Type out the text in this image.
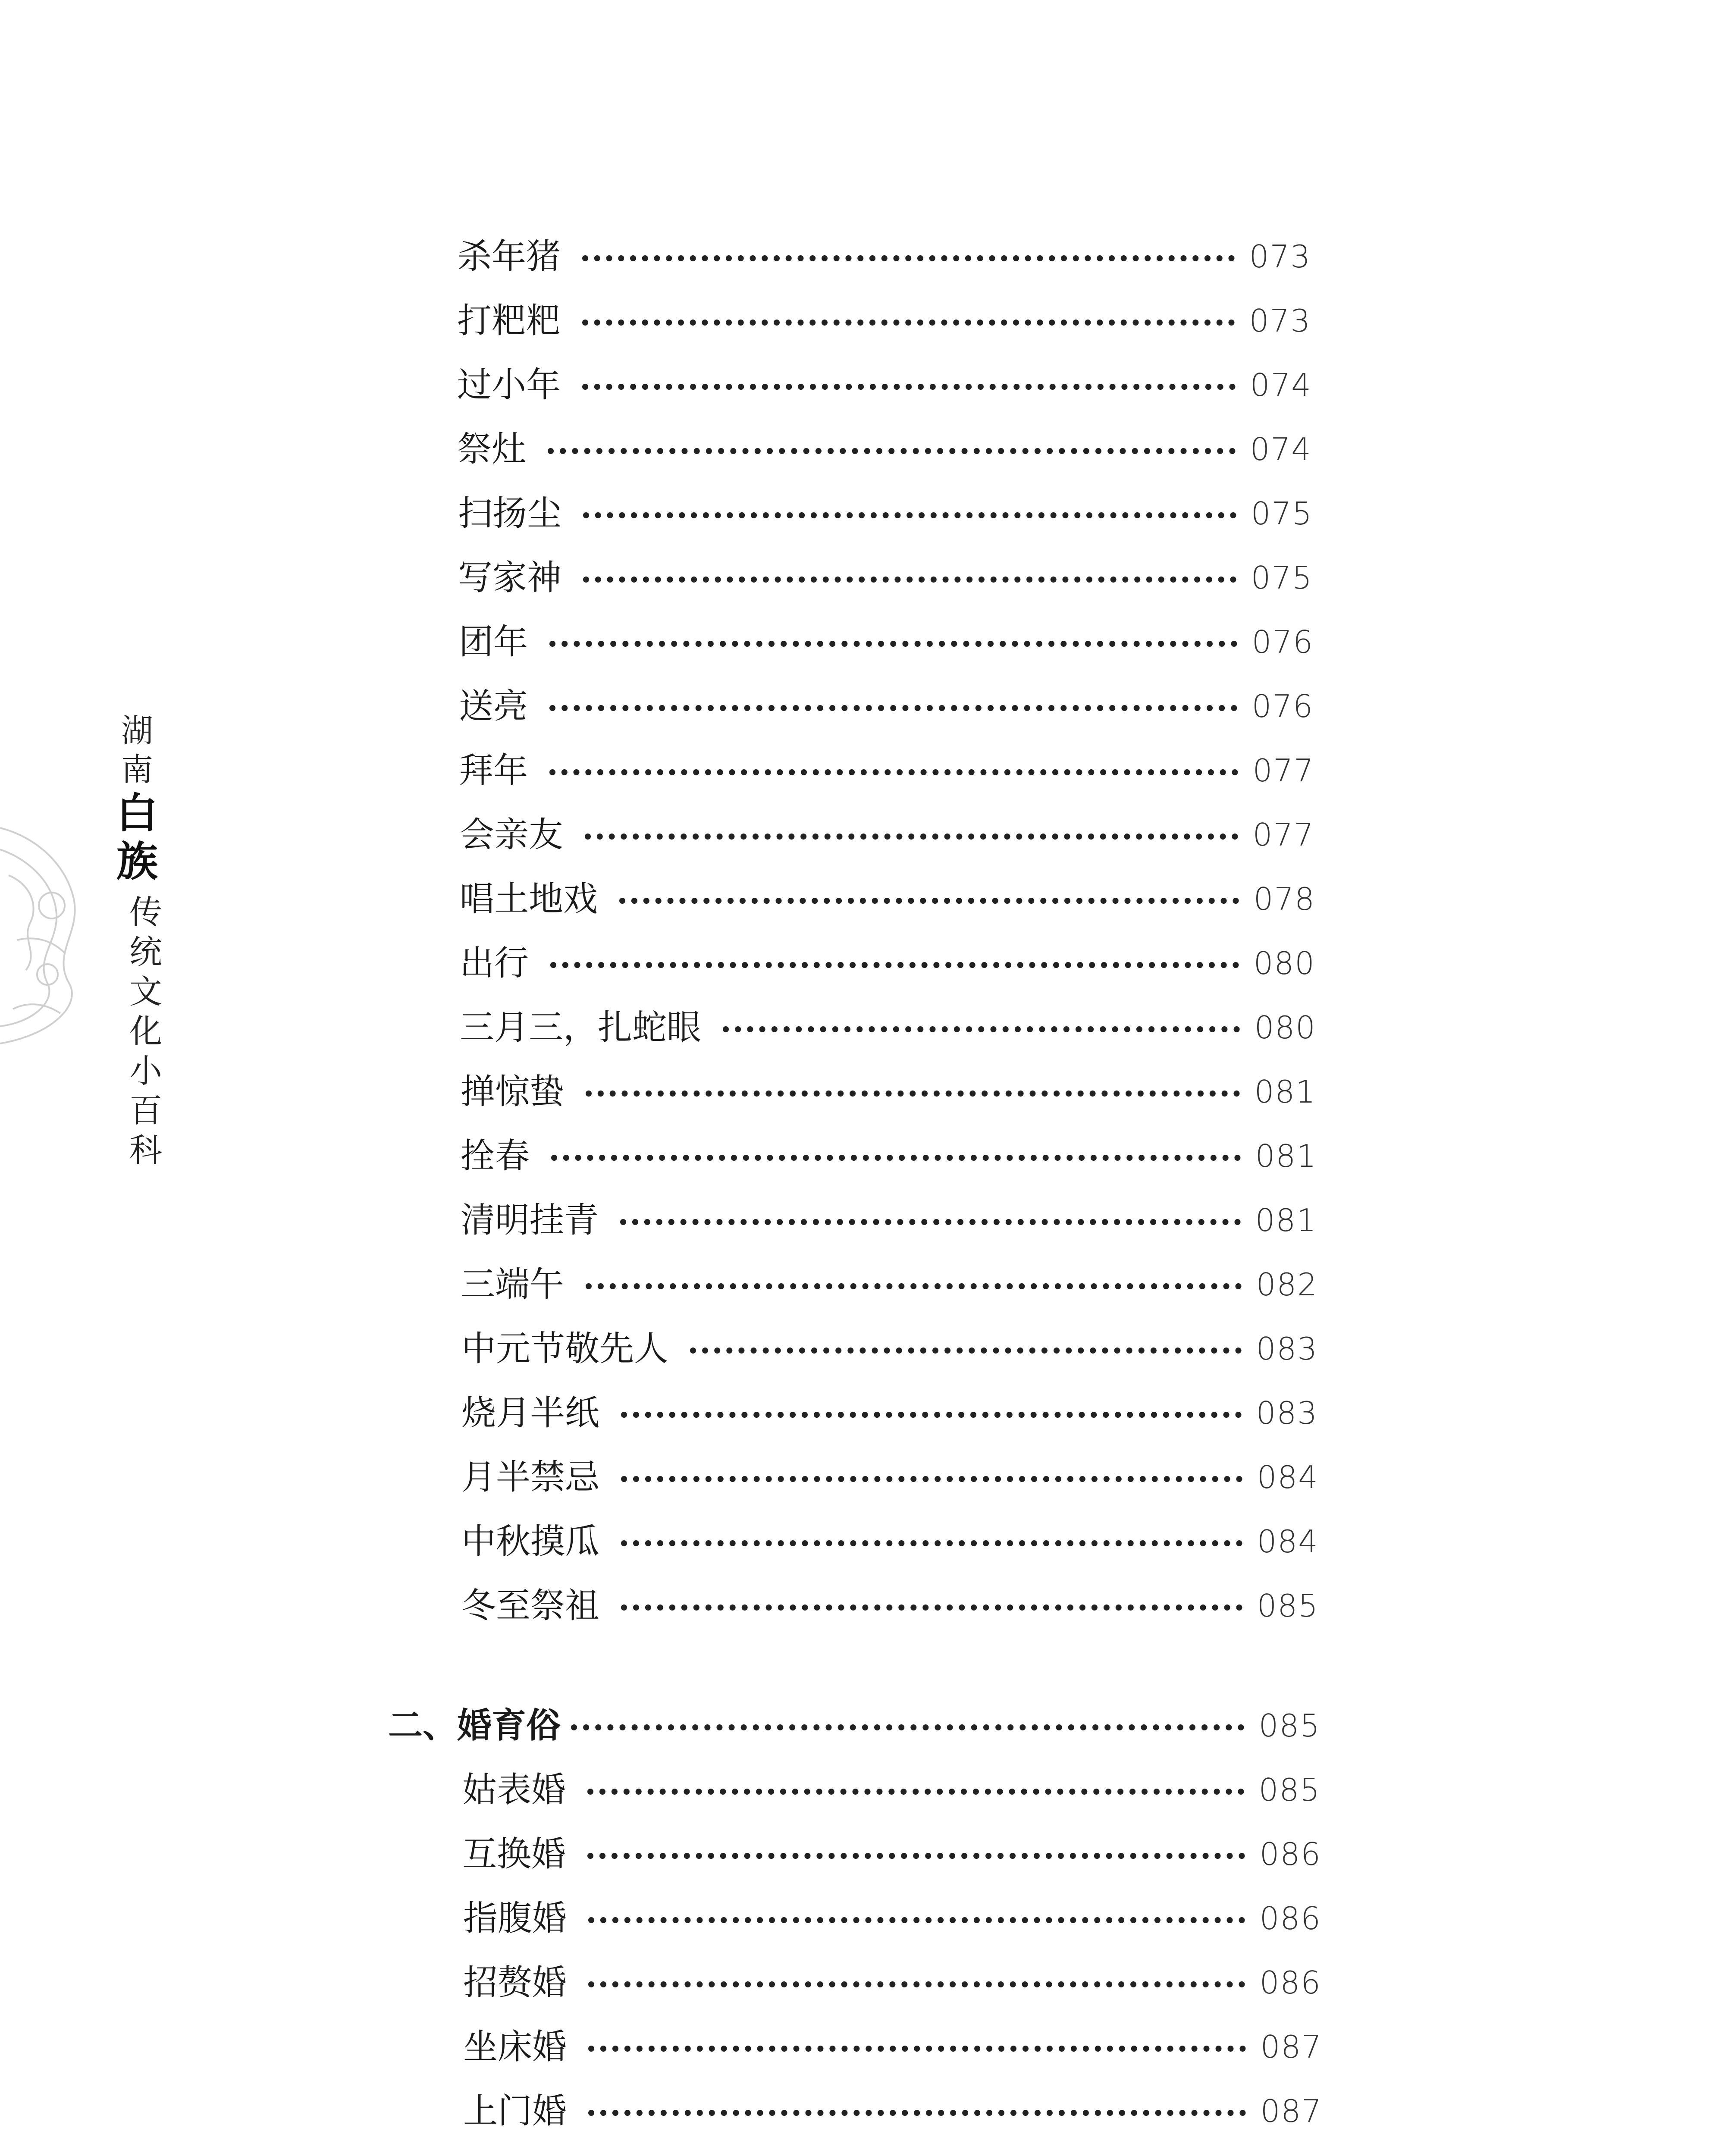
湖
南
白
族
传
统
文
化
小
百
科
杀年猪	073
打粑粑	073
过小年	074
祭灶	074
扫扬尘	075
写家神	075
团年	076
送亮	076
拜年	077
会亲友	077
唱土地戏	078
出行	080
三月三，扎蛇眼	080
掸惊蛰	081
拴春	081
清明挂青	081
三端午	082
中元节敬先人	083
烧月半纸	083
月半禁忌	084
中秋摸瓜	084
冬至祭祖	085
二、婚育俗	085
姑表婚	085
互换婚	086
指腹婚	086
招赘婚	086
坐床婚	087
上门婚	087
